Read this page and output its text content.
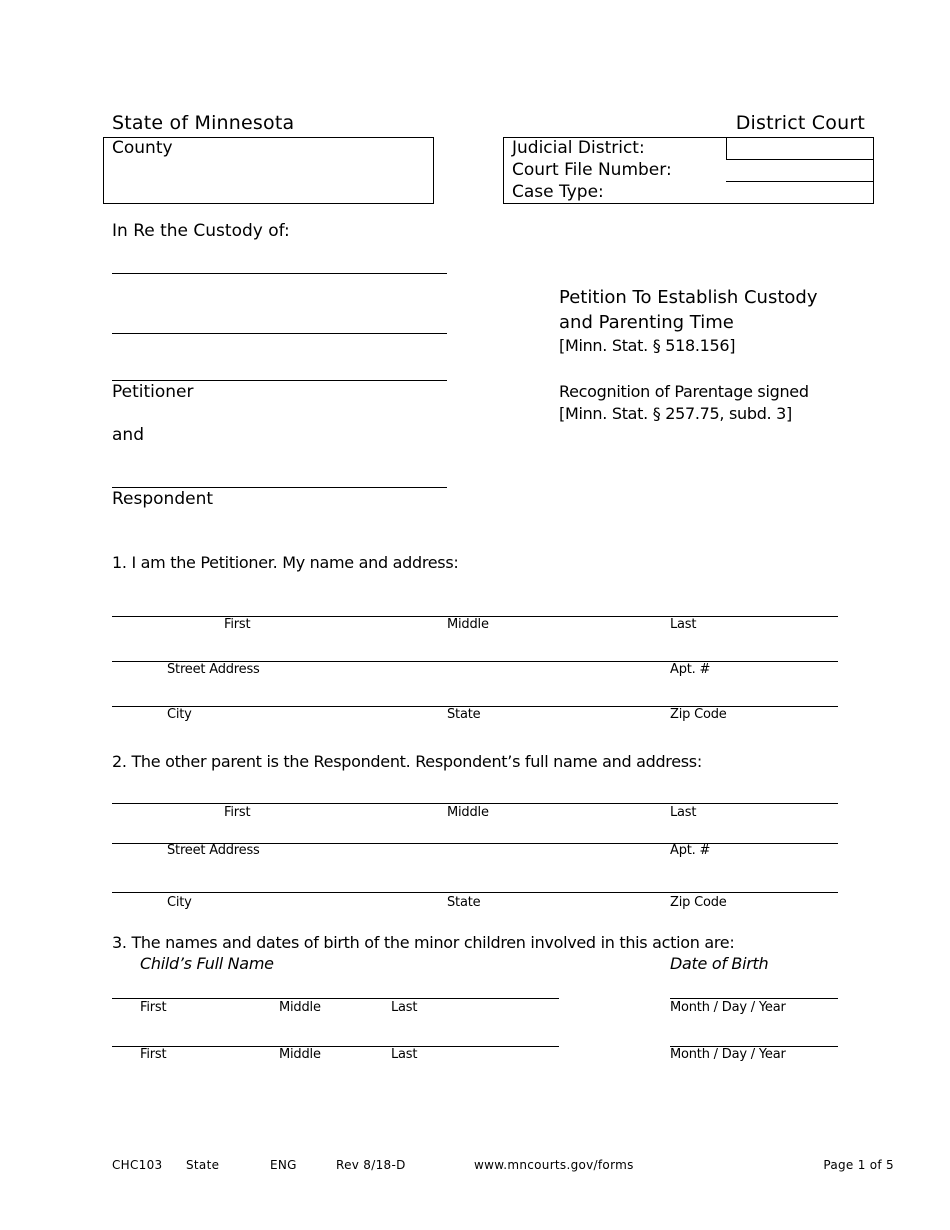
State of Minnesota	District Court
County	Judicial District:
Court File Number:
Case Type:
In Re the Custody of:
Petitioner
and
Respondent
Petition To Establish Custody
and Parenting Time
[Minn. Stat. § 518.156]
Recognition of Parentage signed
[Minn. Stat. § 257.75, subd. 3]
1. I am the Petitioner. My name and address:
First	Middle	Last
Street Address	Apt. #
City	State	Zip Code
2. The other parent is the Respondent. Respondent’s full name and address:
First	Middle	Last
Street Address	Apt. #
City	State	Zip Code
3. The names and dates of birth of the minor children involved in this action are:
Child’s Full Name	Date of Birth
First	Middle	Last	Month / Day / Year
First	Middle	Last	Month / Day / Year
CHC103 State	ENG	Rev 8/18-D	www.mncourts.gov/forms	Page 1 of 5
